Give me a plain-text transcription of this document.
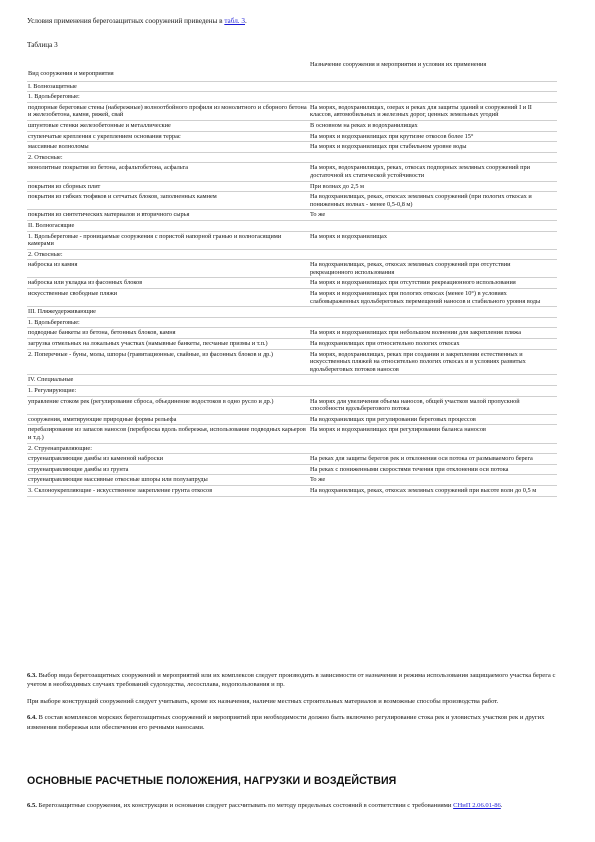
Условия применения берегозащитных сооружений приведены в табл. 3.
Таблица 3
Вид сооружения и мероприятия	Назначение сооружения и мероприятия и условия их применения
I. Волнозащитные	
1. Вдольбереговые:	
подпорные береговые стены (набережные) волноотбойного профиля из монолитного и сборного бетона и железобетона, камня, ряжей, свай	На морях, водохранилищах, озерах и реках для защиты зданий и сооружений I и II классов, автомобильных и железных дорог, ценных земельных угодий
шпунтовые стенки железобетонные и металлические	В основном на реках и водохранилищах
ступенчатые крепления с укреплением основания террас	На морях и водохранилищах при крутизне откосов более 15°
массивные волноломы	На морях и водохранилищах при стабильном уровне воды
2. Откосные:	
монолитные покрытия из бетона, асфальтобетона, асфальта	На морях, водохранилищах, реках, откосах подпорных земляных сооружений при достаточной их статической устойчивости
покрытия из сборных плит	При волнах до 2,5 м
покрытия из гибких тюфяков и сетчатых блоков, заполненных камнем	На водохранилищах, реках, откосах земляных сооружений (при пологих откосах и пониженных волнах - менее 0,5-0,8 м)
покрытия из синтетических материалов и вторичного сырья	То же
II. Волногасящие	
1. Вдольбереговые - проницаемые сооружения с пористой напорной гранью и волногасящими камерами	На морях и водохранилищах
2. Откосные:	
наброска из камня	На водохранилищах, реках, откосах земляных сооружений при отсутствии рекреационного использования
наброска или укладка из фасонных блоков	На морях и водохранилищах при отсутствии рекреационного использования
искусственные свободные пляжи	На морях и водохранилищах при пологих откосах (менее 10°) в условиях слабовыраженных вдольбереговых перемещений наносов и стабильного уровня воды
III. Пляжеудерживающие	
1. Вдольбереговые:	
подводные банкеты из бетона, бетонных блоков, камня	На морях и водохранилищах при небольшом волнении для закрепления пляжа
загрузка отмельных на локальных участках (намывные банкеты, песчаные призмы и т.п.)	На водохранилищах при относительно пологих откосах
2. Поперечные - буны, молы, шпоры (гравитационные, свайные, из фасонных блоков и др.)	На морях, водохранилищах, реках при создании и закреплении естественных и искусственных пляжей на относительно пологих откосах и в условиях развитых вдольбереговых потоков наносов
IV. Специальные	
1. Регулирующие:	
управление стоком рек (регулирование сброса, объединение водостоков в одно русло и др.)	На морях для увеличения объема наносов, общей участков малой пропускной способности вдольберегового потока
сооружения, имитирующие природные формы рельефа	На водохранилищах при регулировании береговых процессов
перебазирование из запасов наносов (переброска вдоль побережья, использование подводных карьеров и т.д.)	На морях и водохранилищах при регулировании баланса наносов
2. Струенаправляющие:	
струенаправляющие дамбы из каменной наброски	На реках для защиты берегов рек и отклонения оси потока от размываемого берега
струенаправляющие дамбы из грунта	На реках с пониженными скоростями течения при отклонении оси потока
струенаправляющие массивные откосные шпоры или полузапруды	То же
3. Склоноукрепляющие - искусственное закрепление грунта откосов	На водохранилищах, реках, откосах земляных сооружений при высоте волн до 0,5 м

6.3. Выбор вида берегозащитных сооружений и мероприятий или их комплексов следует производить в зависимости от назначения и режима использования защищаемого участка берега с учетом в необходимых случаях требований судоходства, лесосплава, водопользования и пр.

При выборе конструкций сооружений следует учитывать, кроме их назначения, наличие местных строительных материалов и возможные способы производства работ.

6.4. В состав комплексов морских берегозащитных сооружений и мероприятий при необходимости должно быть включено регулирование стока рек и уловистых участков рек и других изменения побережья или обеспечения его речными наносами.

ОСНОВНЫЕ РАСЧЕТНЫЕ ПОЛОЖЕНИЯ, НАГРУЗКИ И ВОЗДЕЙСТВИЯ
6.5. Берегозащитные сооружения, их конструкции и основания следует рассчитывать по методу предельных состояний в соответствии с требованиями СНиП 2.06.01-86.
